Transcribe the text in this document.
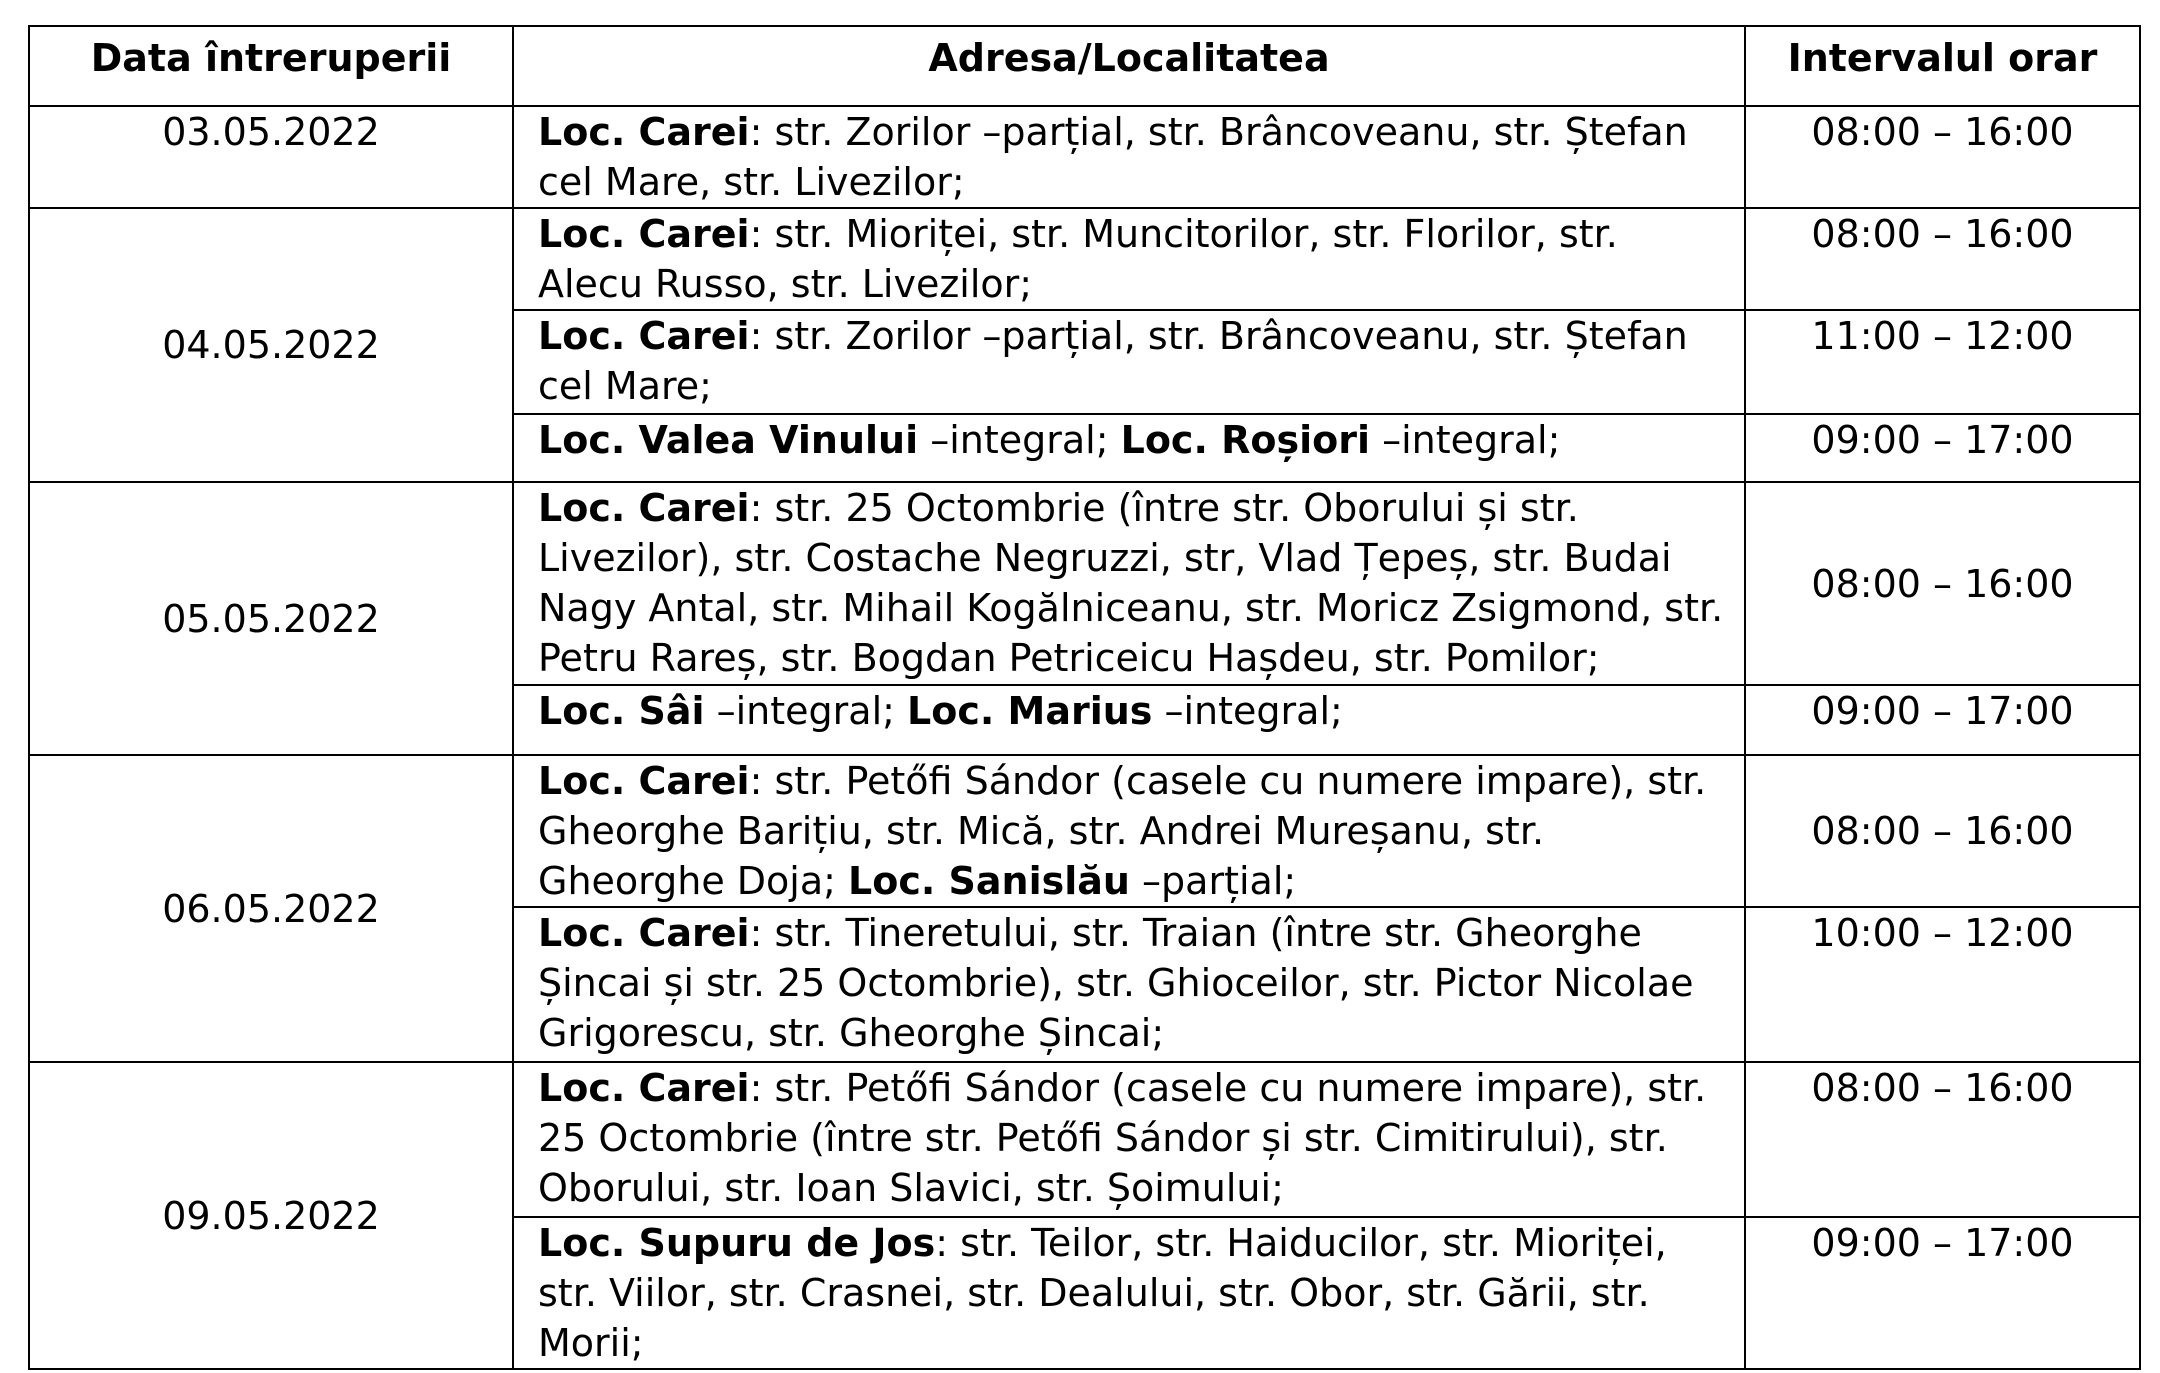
Data întreruperii	Adresa/Localitatea	Intervalul orar
03.05.2022	Loc. Carei: str. Zorilor –parțial, str. Brâncoveanu, str. Ștefan cel Mare, str. Livezilor;	08:00 – 16:00
04.05.2022	Loc. Carei: str. Mioriței, str. Muncitorilor, str. Florilor, str. Alecu Russo, str. Livezilor;	08:00 – 16:00
	Loc. Carei: str. Zorilor –parțial, str. Brâncoveanu, str. Ștefan cel Mare;	11:00 – 12:00
	Loc. Valea Vinului –integral; Loc. Roșiori –integral;	09:00 – 17:00
05.05.2022	Loc. Carei: str. 25 Octombrie (între str. Oborului și str. Livezilor), str. Costache Negruzzi, str, Vlad Țepeș, str. Budai Nagy Antal, str. Mihail Kogălniceanu, str. Moricz Zsigmond, str. Petru Rareș, str. Bogdan Petriceicu Hașdeu, str. Pomilor;	08:00 – 16:00
	Loc. Sâi –integral; Loc. Marius –integral;	09:00 – 17:00
06.05.2022	Loc. Carei: str. Petőfi Sándor (casele cu numere impare), str. Gheorghe Barițiu, str. Mică, str. Andrei Mureșanu, str. Gheorghe Doja; Loc. Sanislău –parțial;	08:00 – 16:00
	Loc. Carei: str. Tineretului, str. Traian (între str. Gheorghe Șincai și str. 25 Octombrie), str. Ghioceilor, str. Pictor Nicolae Grigorescu, str. Gheorghe Șincai;	10:00 – 12:00
09.05.2022	Loc. Carei: str. Petőfi Sándor (casele cu numere impare), str. 25 Octombrie (între str. Petőfi Sándor și str. Cimitirului), str. Oborului, str. Ioan Slavici, str. Șoimului;	08:00 – 16:00
	Loc. Supuru de Jos: str. Teilor, str. Haiducilor, str. Mioriței, str. Viilor, str. Crasnei, str. Dealului, str. Obor, str. Gării, str. Morii;	09:00 – 17:00
